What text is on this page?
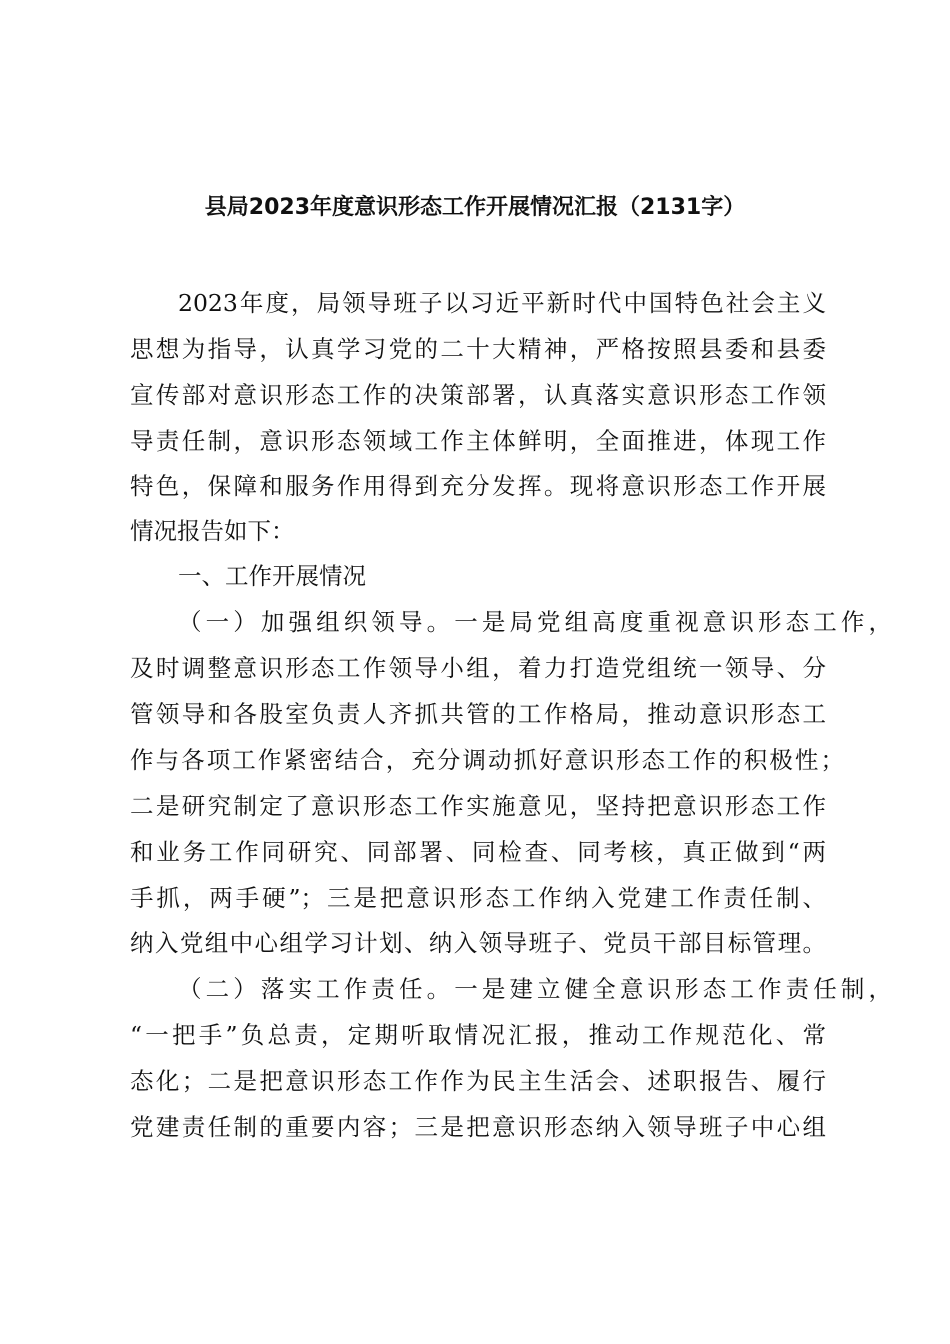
县局2023年度意识形态工作开展情况汇报（2131字）
2023年度，局领导班子以习近平新时代中国特色社会主义
思想为指导，认真学习党的二十大精神，严格按照县委和县委
宣传部对意识形态工作的决策部署，认真落实意识形态工作领
导责任制，意识形态领域工作主体鲜明，全面推进，体现工作
特色，保障和服务作用得到充分发挥。现将意识形态工作开展
情况报告如下：
一、工作开展情况
（一）加强组织领导。一是局党组高度重视意识形态工作，
及时调整意识形态工作领导小组，着力打造党组统一领导、分
管领导和各股室负责人齐抓共管的工作格局，推动意识形态工
作与各项工作紧密结合，充分调动抓好意识形态工作的积极性；
二是研究制定了意识形态工作实施意见，坚持把意识形态工作
和业务工作同研究、同部署、同检查、同考核，真正做到“两
手抓，两手硬”；三是把意识形态工作纳入党建工作责任制、
纳入党组中心组学习计划、纳入领导班子、党员干部目标管理。
（二）落实工作责任。一是建立健全意识形态工作责任制，
“一把手”负总责，定期听取情况汇报，推动工作规范化、常
态化；二是把意识形态工作作为民主生活会、述职报告、履行
党建责任制的重要内容；三是把意识形态纳入领导班子中心组
